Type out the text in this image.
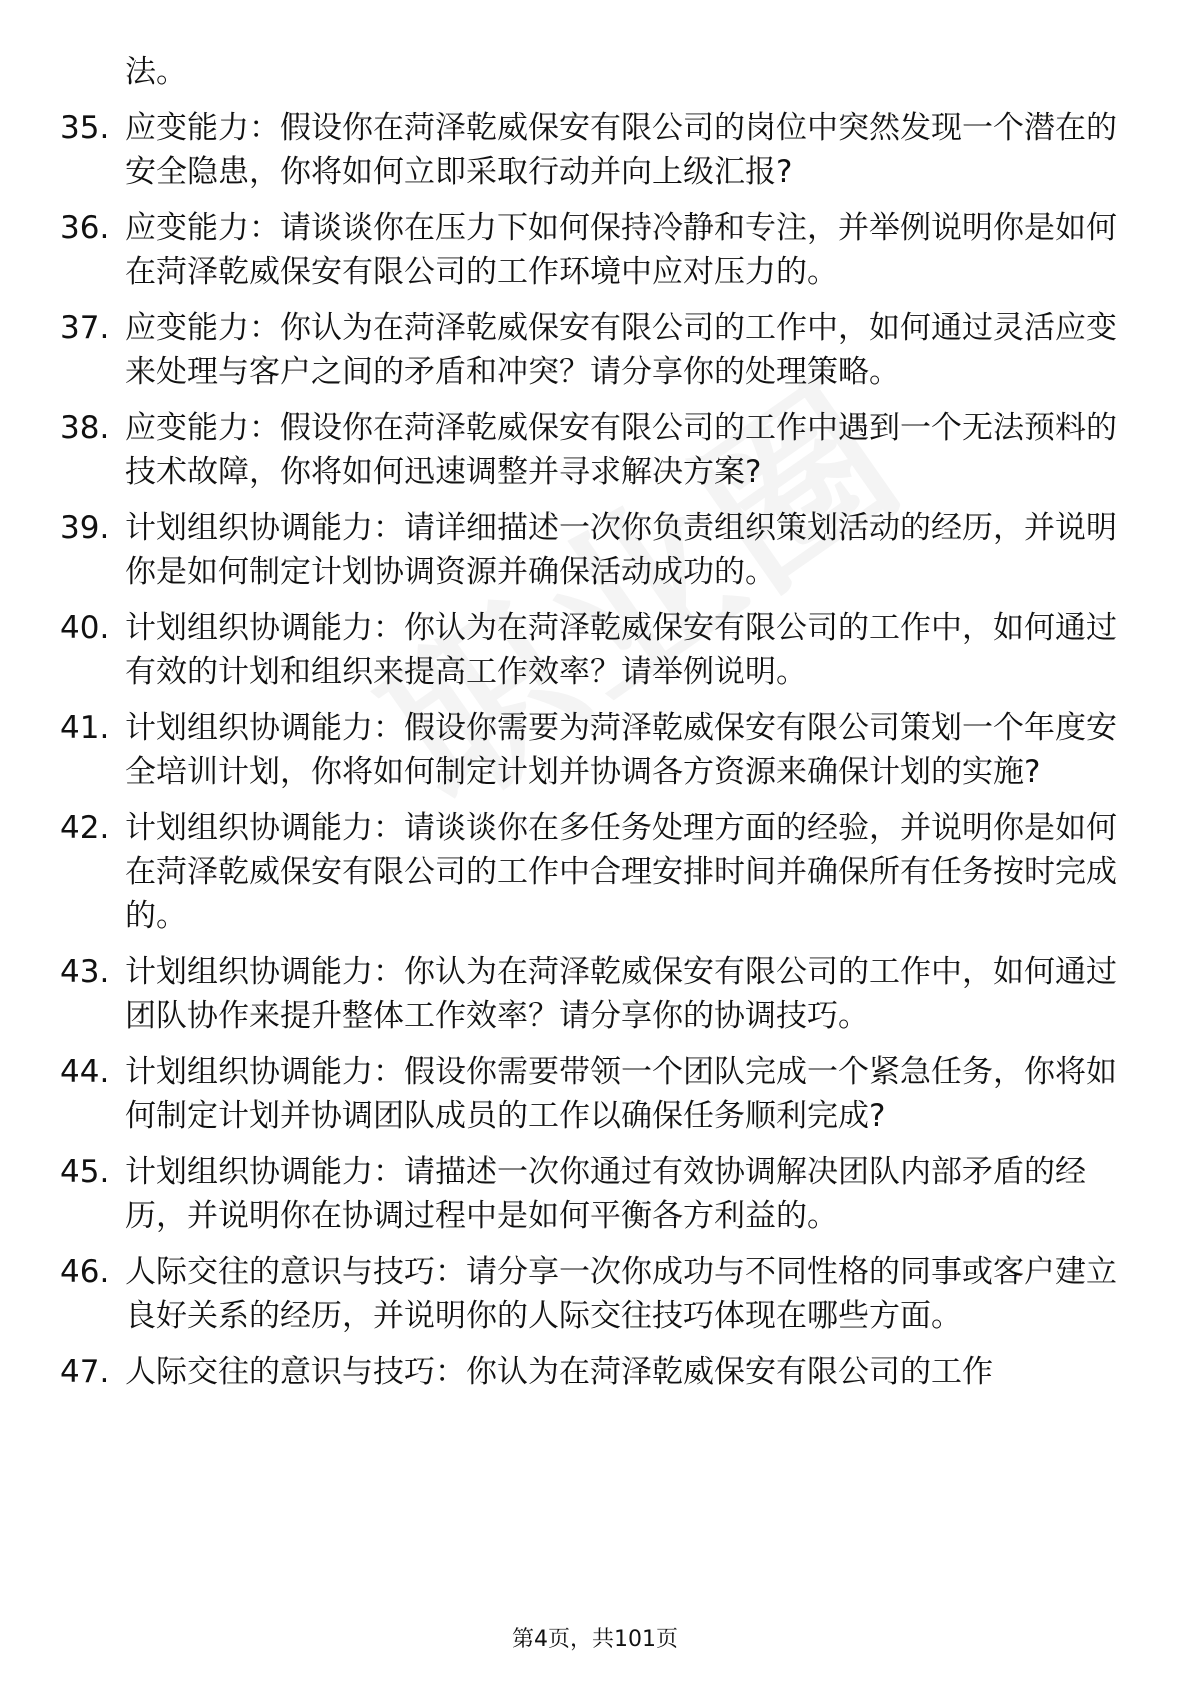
法。
35. 应变能力：假设你在菏泽乾威保安有限公司的岗位中突然发现一个潜在的安全隐患，你将如何立即采取行动并向上级汇报?
36. 应变能力：请谈谈你在压力下如何保持冷静和专注，并举例说明你是如何在菏泽乾威保安有限公司的工作环境中应对压力的。
37. 应变能力：你认为在菏泽乾威保安有限公司的工作中，如何通过灵活应变来处理与客户之间的矛盾和冲突？请分享你的处理策略。
38. 应变能力：假设你在菏泽乾威保安有限公司的工作中遇到一个无法预料的技术故障，你将如何迅速调整并寻求解决方案?
39. 计划组织协调能力：请详细描述一次你负责组织策划活动的经历，并说明你是如何制定计划协调资源并确保活动成功的。
40. 计划组织协调能力：你认为在菏泽乾威保安有限公司的工作中，如何通过有效的计划和组织来提高工作效率？请举例说明。
41. 计划组织协调能力：假设你需要为菏泽乾威保安有限公司策划一个年度安全培训计划，你将如何制定计划并协调各方资源来确保计划的实施?
42. 计划组织协调能力：请谈谈你在多任务处理方面的经验，并说明你是如何在菏泽乾威保安有限公司的工作中合理安排时间并确保所有任务按时完成的。
43. 计划组织协调能力：你认为在菏泽乾威保安有限公司的工作中，如何通过团队协作来提升整体工作效率？请分享你的协调技巧。
44. 计划组织协调能力：假设你需要带领一个团队完成一个紧急任务，你将如何制定计划并协调团队成员的工作以确保任务顺利完成?
45. 计划组织协调能力：请描述一次你通过有效协调解决团队内部矛盾的经历，并说明你在协调过程中是如何平衡各方利益的。
46. 人际交往的意识与技巧：请分享一次你成功与不同性格的同事或客户建立良好关系的经历，并说明你的人际交往技巧体现在哪些方面。
47. 人际交往的意识与技巧：你认为在菏泽乾威保安有限公司的工作
第4页，共101页
